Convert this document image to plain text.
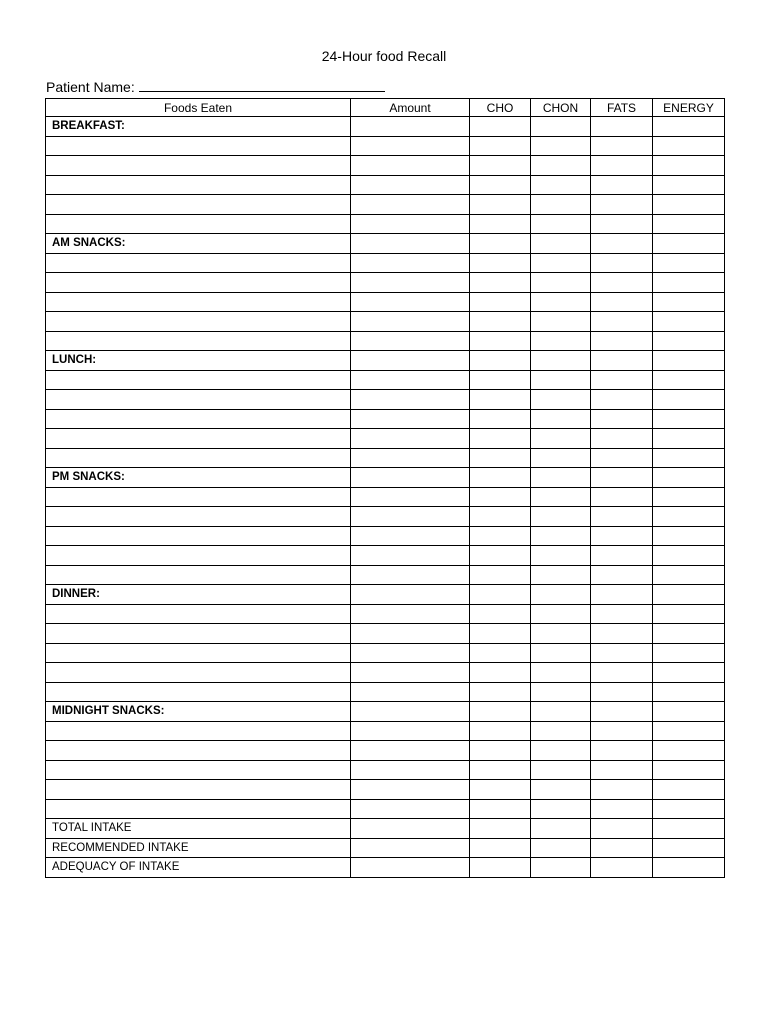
24-Hour food Recall
Patient Name:
Foods Eaten	Amount	CHO	CHON	FATS	ENERGY
BREAKFAST:					

AM SNACKS:					

LUNCH:					

PM SNACKS:					

DINNER:					

MIDNIGHT SNACKS:					

TOTAL INTAKE					
RECOMMENDED INTAKE					
ADEQUACY OF INTAKE					
